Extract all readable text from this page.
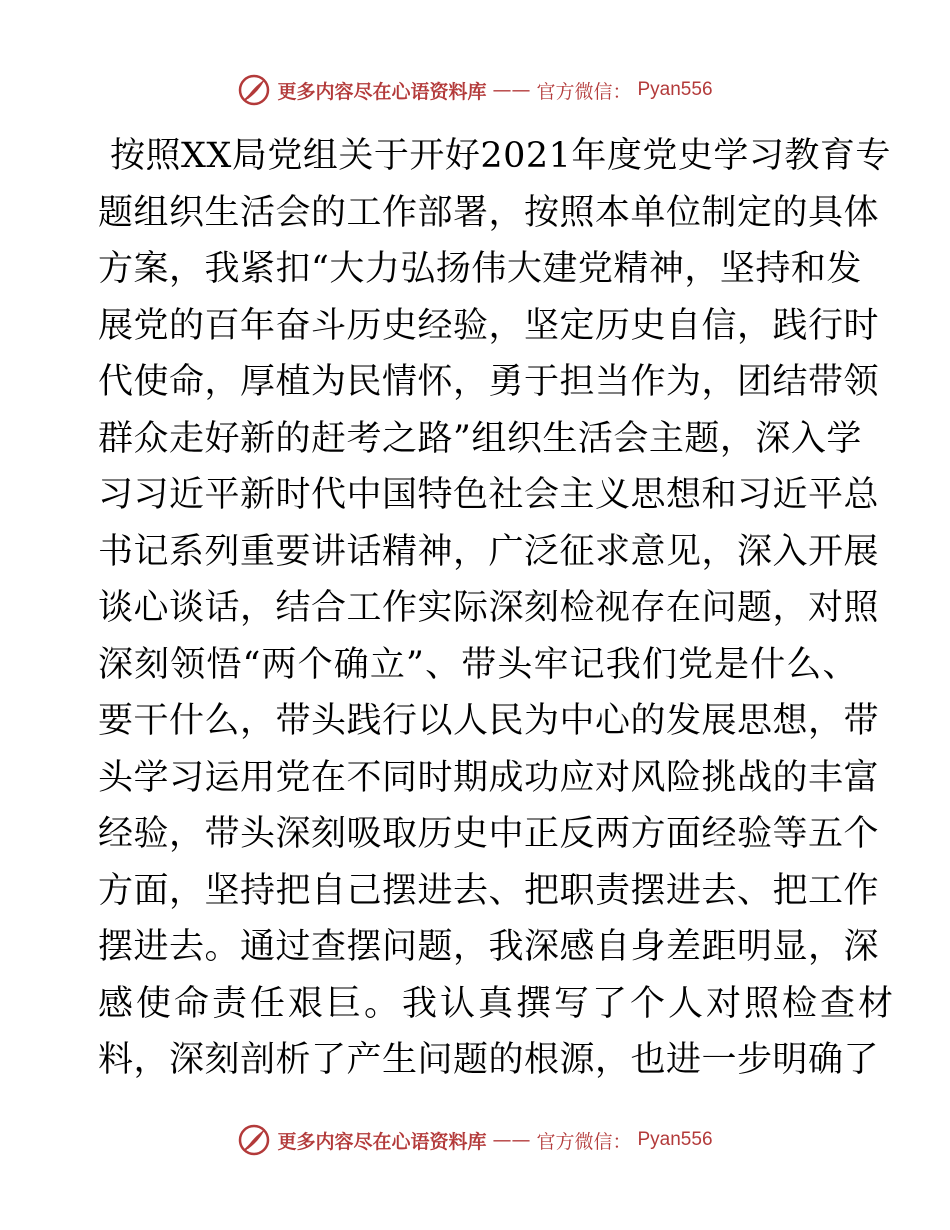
更多内容尽在心语资料库 —— 官方微信： Pyan556
按照XX局党组关于开好2021年度党史学习教育专
题组织生活会的工作部署，按照本单位制定的具体
方案，我紧扣“大力弘扬伟大建党精神，坚持和发
展党的百年奋斗历史经验，坚定历史自信，践行时
代使命，厚植为民情怀，勇于担当作为，团结带领
群众走好新的赶考之路”组织生活会主题，深入学
习习近平新时代中国特色社会主义思想和习近平总
书记系列重要讲话精神，广泛征求意见，深入开展
谈心谈话，结合工作实际深刻检视存在问题，对照
深刻领悟“两个确立”、带头牢记我们党是什么、
要干什么，带头践行以人民为中心的发展思想，带
头学习运用党在不同时期成功应对风险挑战的丰富
经验，带头深刻吸取历史中正反两方面经验等五个
方面，坚持把自己摆进去、把职责摆进去、把工作
摆进去。通过查摆问题，我深感自身差距明显，深
感使命责任艰巨。我认真撰写了个人对照检查材
料，深刻剖析了产生问题的根源，也进一步明确了
更多内容尽在心语资料库 —— 官方微信： Pyan556
